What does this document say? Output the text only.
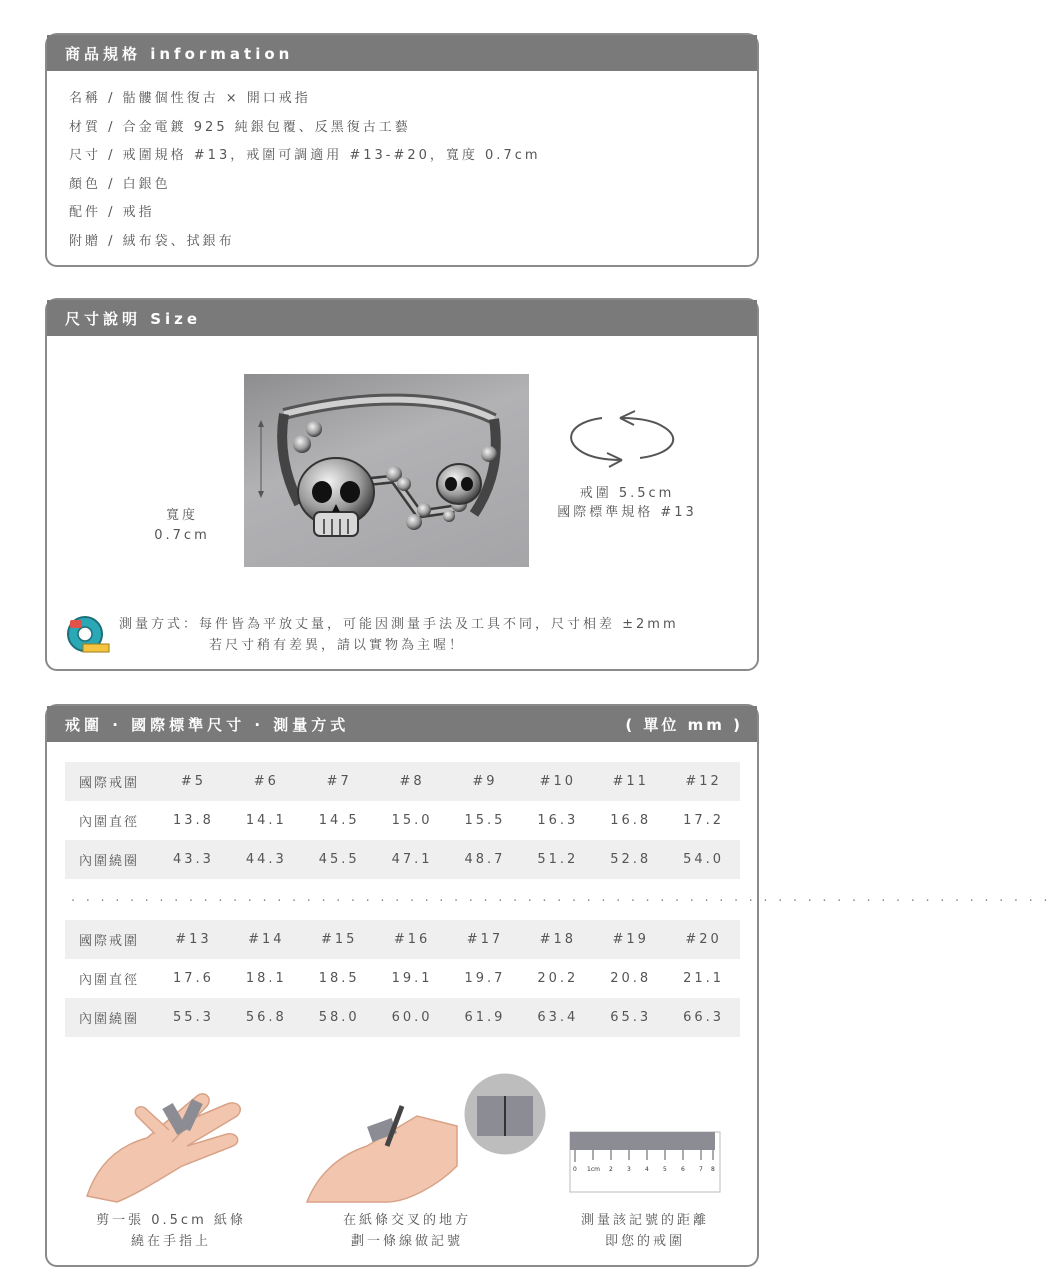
商品規格 information
名稱 / 骷髏個性復古 × 開口戒指
材質 / 合金電鍍 925 純銀包覆、反黑復古工藝
尺寸 / 戒圍規格 #13，戒圍可調適用 #13-#20，寬度 0.7cm
顏色 / 白銀色
配件 / 戒指
附贈 / 絨布袋、拭銀布
尺寸說明 Size
寬度
0.7cm
戒圍 5.5cm
國際標準規格 #13
測量方式：每件皆為平放丈量，可能因測量手法及工具不同，尺寸相差 ±2mm
若尺寸稍有差異，請以實物為主喔！
戒圍 · 國際標準尺寸 · 測量方式	( 單位 mm )
國際戒圍	#5	#6	#7	#8	#9	#10	#11	#12
內圍直徑	13.8	14.1	14.5	15.0	15.5	16.3	16.8	17.2
內圍繞圈	43.3	44.3	45.5	47.1	48.7	51.2	52.8	54.0
...................................................................
國際戒圍	#13	#14	#15	#16	#17	#18	#19	#20
內圍直徑	17.6	18.1	18.5	19.1	19.7	20.2	20.8	21.1
內圍繞圈	55.3	56.8	58.0	60.0	61.9	63.4	65.3	66.3
0 1cm 2 3 4 5 6 7 8
剪一張 0.5cm 紙條
繞在手指上
在紙條交叉的地方
劃一條線做記號
測量該記號的距離
即您的戒圍
